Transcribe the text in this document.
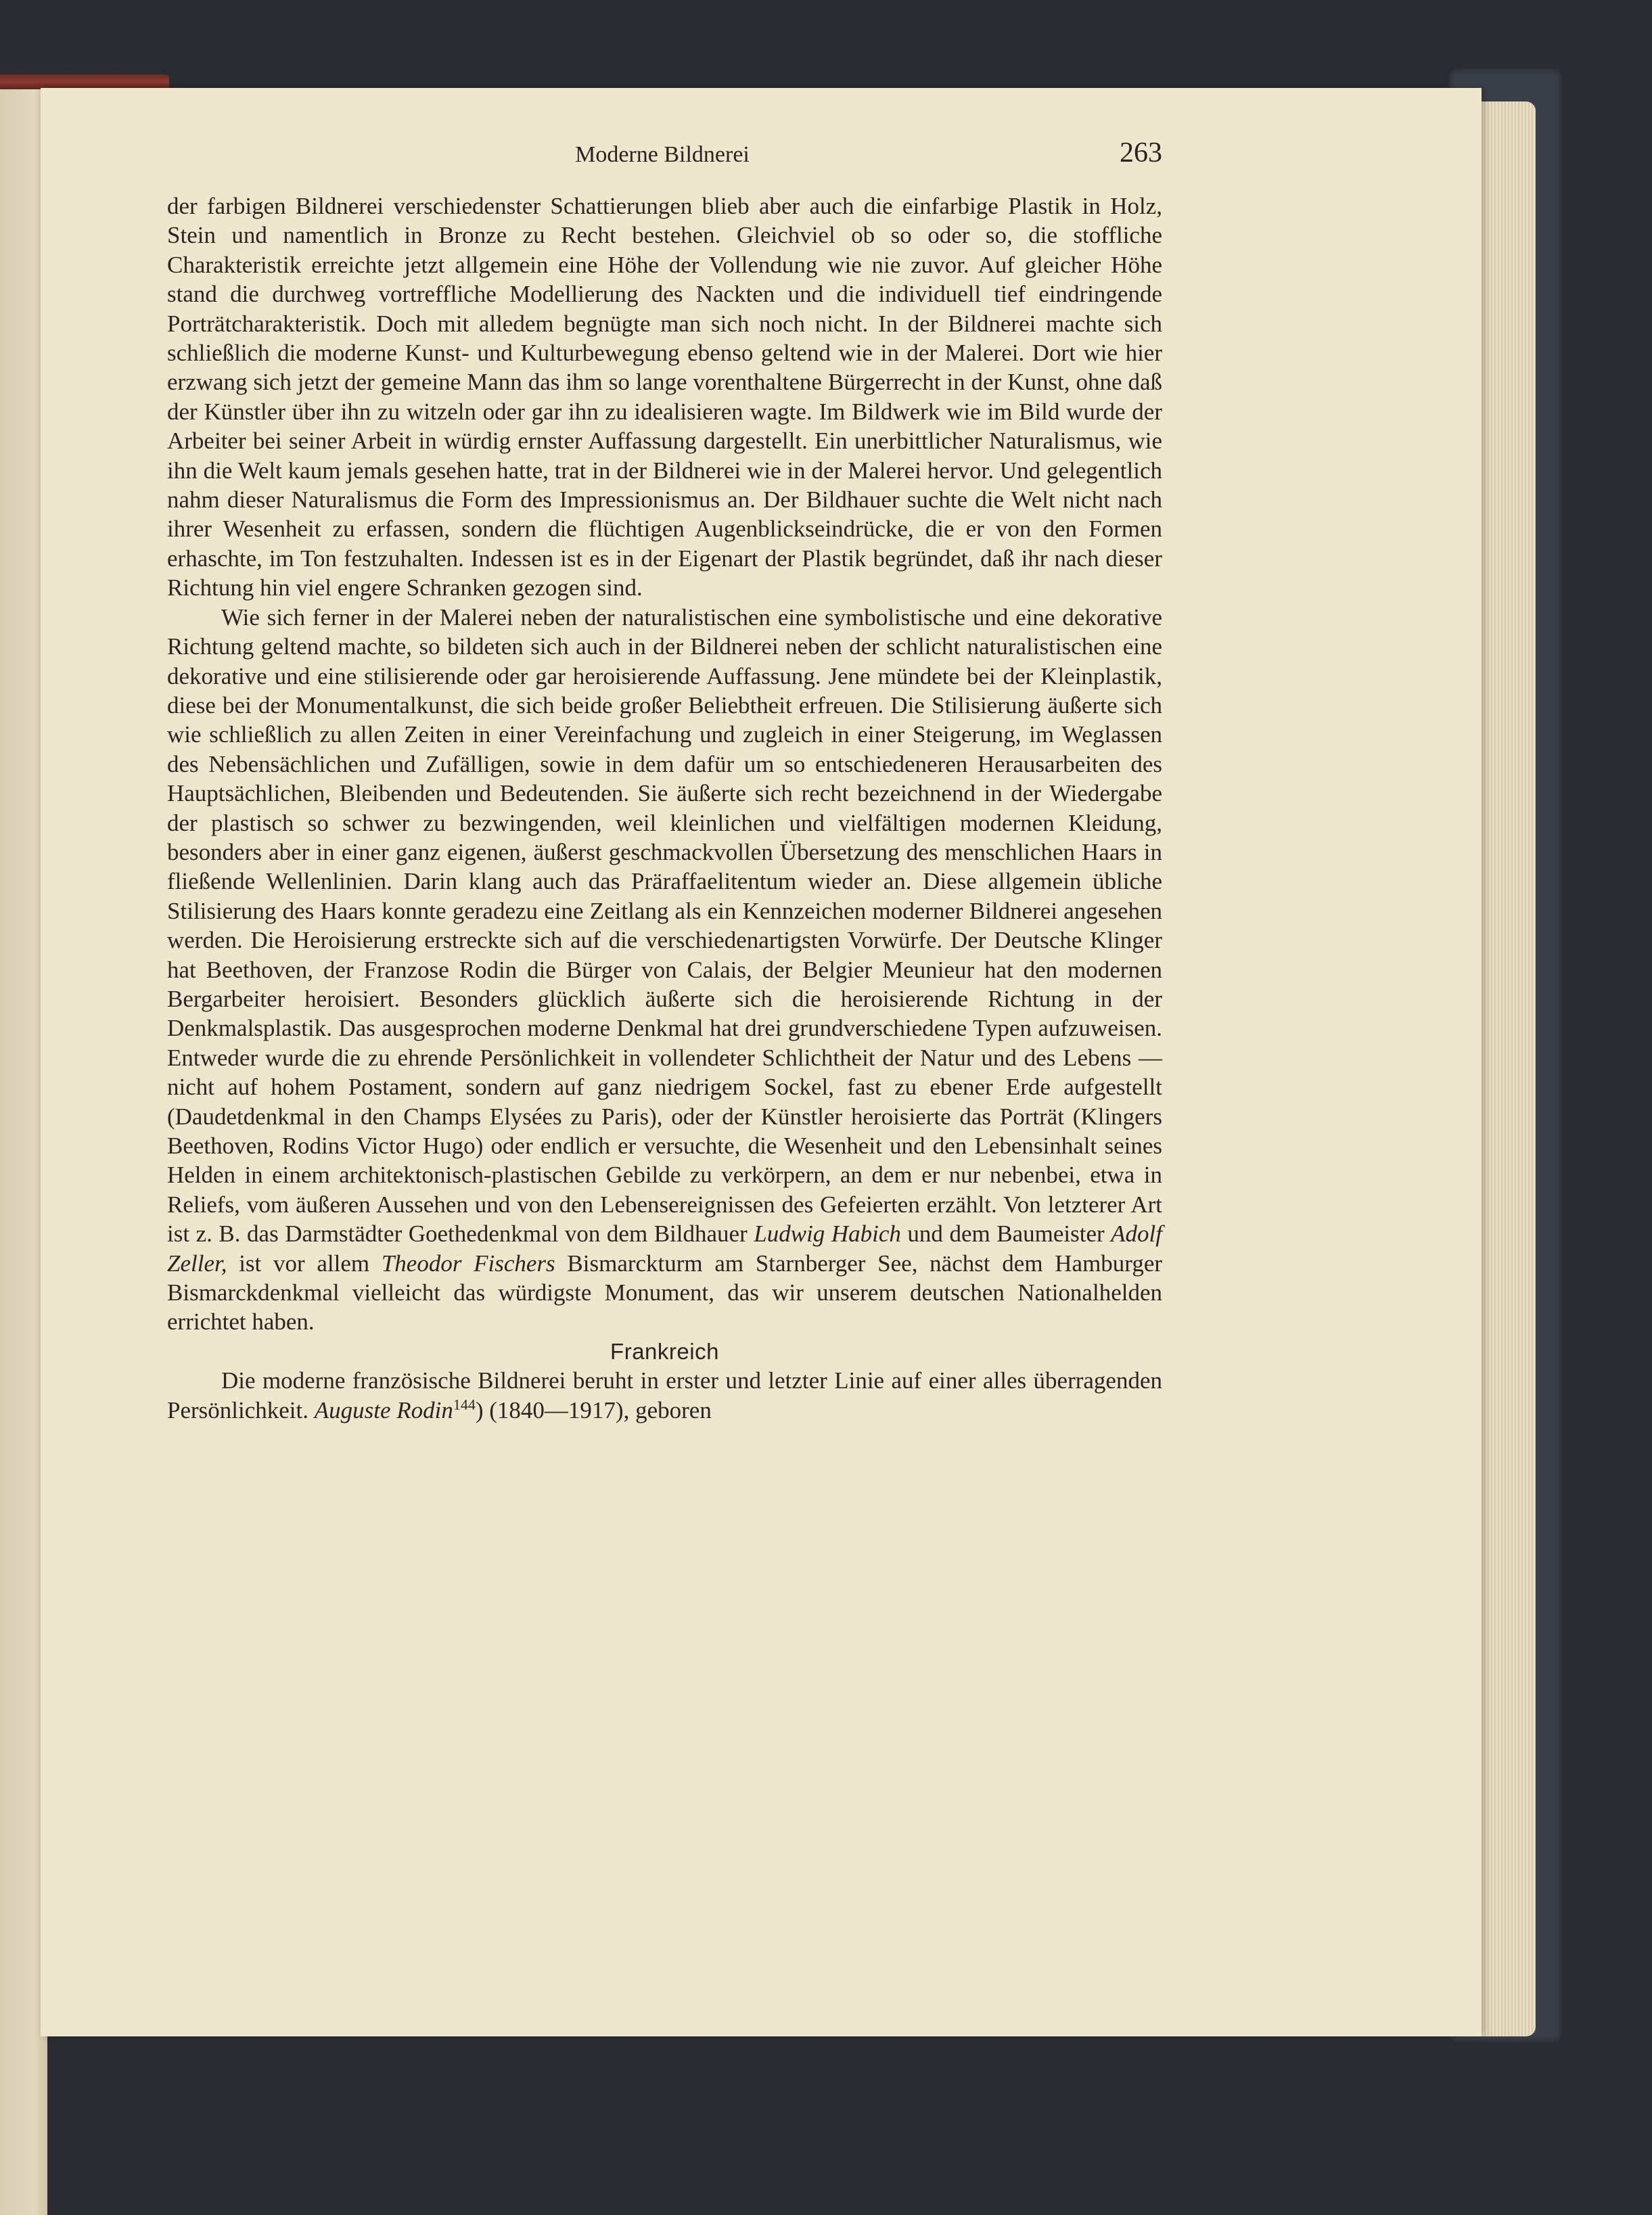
Moderne Bildnerei	263

der farbigen Bildnerei verschiedenster Schattierungen blieb aber auch die einfarbige Plastik in Holz, Stein und namentlich in Bronze zu Recht bestehen. Gleichviel ob so oder so, die stoffliche Charakteristik erreichte jetzt allgemein eine Höhe der Vollendung wie nie zuvor. Auf gleicher Höhe stand die durchweg vortreffliche Modellierung des Nackten und die individuell tief eindringende Porträtcharakteristik. Doch mit alledem begnügte man sich noch nicht. In der Bildnerei machte sich schließlich die moderne Kunst- und Kulturbewegung ebenso geltend wie in der Malerei. Dort wie hier erzwang sich jetzt der gemeine Mann das ihm so lange vorenthaltene Bürgerrecht in der Kunst, ohne daß der Künstler über ihn zu witzeln oder gar ihn zu idealisieren wagte. Im Bildwerk wie im Bild wurde der Arbeiter bei seiner Arbeit in würdig ernster Auffassung dargestellt. Ein unerbittlicher Naturalismus, wie ihn die Welt kaum jemals gesehen hatte, trat in der Bildnerei wie in der Malerei hervor. Und gelegentlich nahm dieser Naturalismus die Form des Impressionismus an. Der Bildhauer suchte die Welt nicht nach ihrer Wesenheit zu erfassen, sondern die flüchtigen Augenblickseindrücke, die er von den Formen erhaschte, im Ton festzuhalten. Indessen ist es in der Eigenart der Plastik begründet, daß ihr nach dieser Richtung hin viel engere Schranken gezogen sind.

Wie sich ferner in der Malerei neben der naturalistischen eine symbolistische und eine dekorative Richtung geltend machte, so bildeten sich auch in der Bildnerei neben der schlicht naturalistischen eine dekorative und eine stilisierende oder gar heroisierende Auffassung. Jene mündete bei der Kleinplastik, diese bei der Monumentalkunst, die sich beide großer Beliebtheit erfreuen. Die Stilisierung äußerte sich wie schließlich zu allen Zeiten in einer Vereinfachung und zugleich in einer Steigerung, im Weglassen des Nebensächlichen und Zufälligen, sowie in dem dafür um so entschiedeneren Herausarbeiten des Hauptsächlichen, Bleibenden und Bedeutenden. Sie äußerte sich recht bezeichnend in der Wiedergabe der plastisch so schwer zu bezwingenden, weil kleinlichen und vielfältigen modernen Kleidung, besonders aber in einer ganz eigenen, äußerst geschmackvollen Übersetzung des menschlichen Haars in fließende Wellenlinien. Darin klang auch das Präraffaelitentum wieder an. Diese allgemein übliche Stilisierung des Haars konnte geradezu eine Zeitlang als ein Kennzeichen moderner Bildnerei angesehen werden. Die Heroisierung erstreckte sich auf die verschiedenartigsten Vorwürfe. Der Deutsche Klinger hat Beethoven, der Franzose Rodin die Bürger von Calais, der Belgier Meunieur hat den modernen Bergarbeiter heroisiert. Besonders glücklich äußerte sich die heroisierende Richtung in der Denkmalsplastik. Das ausgesprochen moderne Denkmal hat drei grundverschiedene Typen aufzuweisen. Entweder wurde die zu ehrende Persönlichkeit in vollendeter Schlichtheit der Natur und des Lebens — nicht auf hohem Postament, sondern auf ganz niedrigem Sockel, fast zu ebener Erde aufgestellt (Daudetdenkmal in den Champs Elysées zu Paris), oder der Künstler heroisierte das Porträt (Klingers Beethoven, Rodins Victor Hugo) oder endlich er versuchte, die Wesenheit und den Lebensinhalt seines Helden in einem architektonisch-plastischen Gebilde zu verkörpern, an dem er nur nebenbei, etwa in Reliefs, vom äußeren Aussehen und von den Lebensereignissen des Gefeierten erzählt. Von letzterer Art ist z. B. das Darmstädter Goethedenkmal von dem Bildhauer Ludwig Habich und dem Baumeister Adolf Zeller, ist vor allem Theodor Fischers Bismarckturm am Starnberger See, nächst dem Hamburger Bismarckdenkmal vielleicht das würdigste Monument, das wir unserem deutschen Nationalhelden errichtet haben.

Frankreich

Die moderne französische Bildnerei beruht in erster und letzter Linie auf einer alles überragenden Persönlichkeit. Auguste Rodin$^{144}$) (1840—1917), geboren
